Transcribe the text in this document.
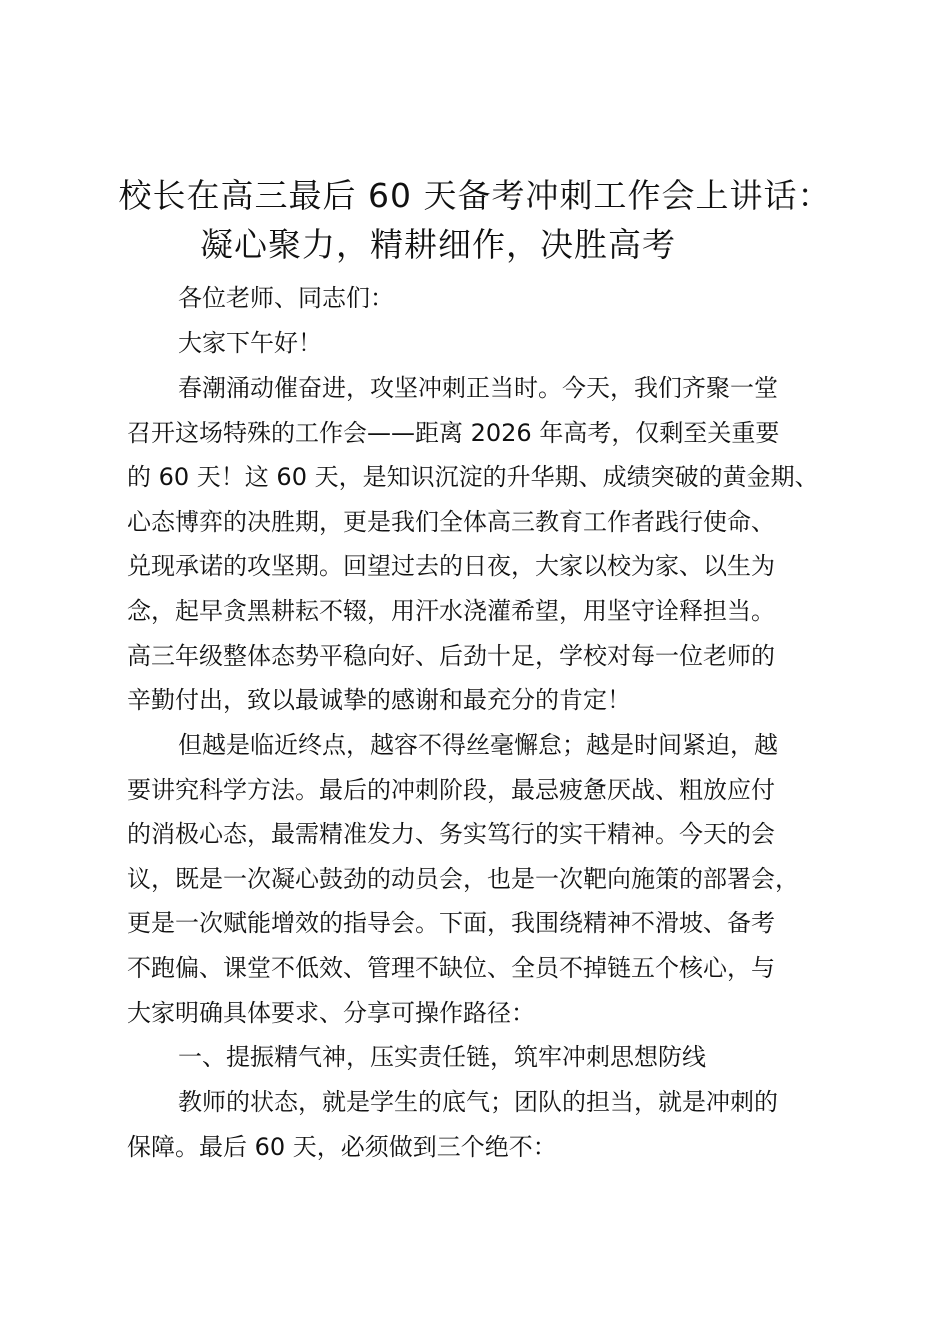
校长在高三最后 60 天备考冲刺工作会上讲话：
凝心聚力，精耕细作，决胜高考
各位老师、同志们：
大家下午好！
春潮涌动催奋进，攻坚冲刺正当时。今天，我们齐聚一堂
召开这场特殊的工作会——距离 2026 年高考，仅剩至关重要
的 60 天！这 60 天，是知识沉淀的升华期、成绩突破的黄金期、
心态博弈的决胜期，更是我们全体高三教育工作者践行使命、
兑现承诺的攻坚期。回望过去的日夜，大家以校为家、以生为
念，起早贪黑耕耘不辍，用汗水浇灌希望，用坚守诠释担当。
高三年级整体态势平稳向好、后劲十足，学校对每一位老师的
辛勤付出，致以最诚挚的感谢和最充分的肯定！
但越是临近终点，越容不得丝毫懈怠；越是时间紧迫，越
要讲究科学方法。最后的冲刺阶段，最忌疲惫厌战、粗放应付
的消极心态，最需精准发力、务实笃行的实干精神。今天的会
议，既是一次凝心鼓劲的动员会，也是一次靶向施策的部署会，
更是一次赋能增效的指导会。下面，我围绕精神不滑坡、备考
不跑偏、课堂不低效、管理不缺位、全员不掉链五个核心，与
大家明确具体要求、分享可操作路径：
一、提振精气神，压实责任链，筑牢冲刺思想防线
教师的状态，就是学生的底气；团队的担当，就是冲刺的
保障。最后 60 天，必须做到三个绝不：
